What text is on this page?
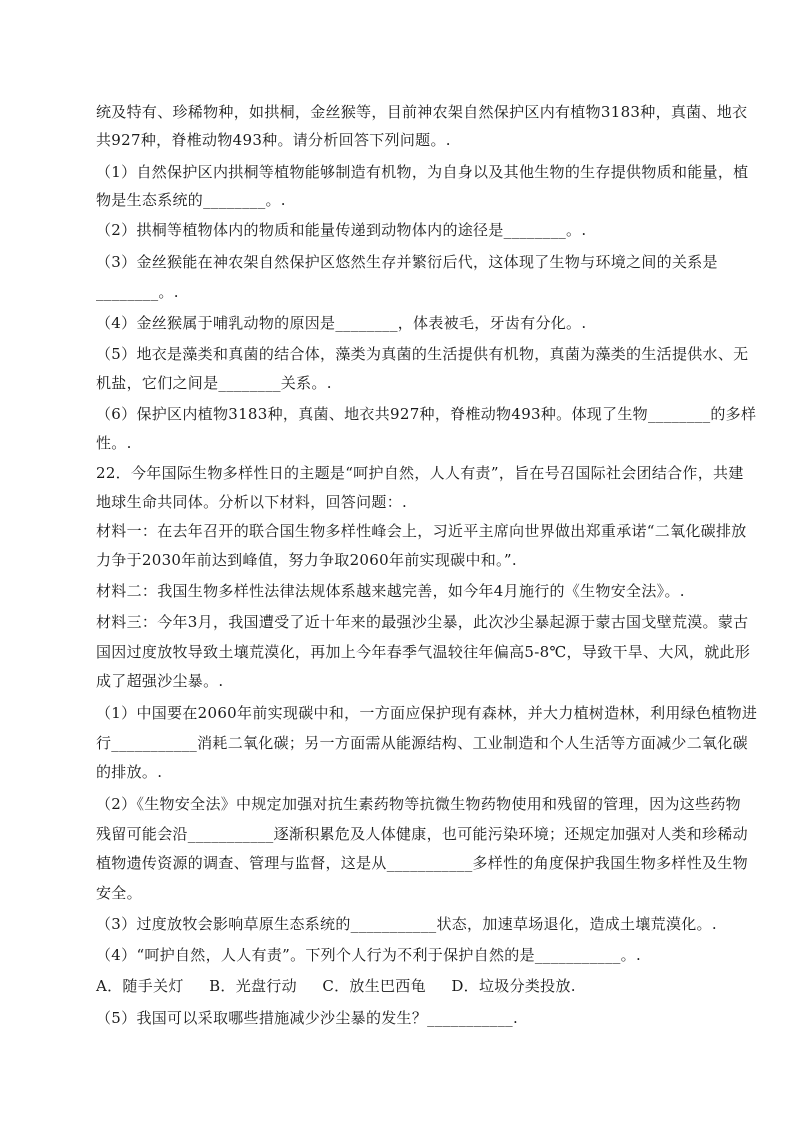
统及特有、珍稀物种，如拱桐，金丝猴等，目前神农架自然保护区内有植物3183种，真菌、地衣
共927种，脊椎动物493种。请分析回答下列问题。.
（1）自然保护区内拱桐等植物能够制造有机物，为自身以及其他生物的生存提供物质和能量，植
物是生态系统的________。.
（2）拱桐等植物体内的物质和能量传递到动物体内的途径是________。.
（3）金丝猴能在神农架自然保护区悠然生存并繁衍后代，这体现了生物与环境之间的关系是
________。.
（4）金丝猴属于哺乳动物的原因是________，体表被毛，牙齿有分化。.
（5）地衣是藻类和真菌的结合体，藻类为真菌的生活提供有机物，真菌为藻类的生活提供水、无
机盐，它们之间是________关系。.
（6）保护区内植物3183种，真菌、地衣共927种，脊椎动物493种。体现了生物________的多样
性。.
22．今年国际生物多样性日的主题是“呵护自然，人人有责”，旨在号召国际社会团结合作，共建
地球生命共同体。分析以下材料，回答问题：.
材料一：在去年召开的联合国生物多样性峰会上，习近平主席向世界做出郑重承诺“二氧化碳排放
力争于2030年前达到峰值，努力争取2060年前实现碳中和。”.
材料二：我国生物多样性法律法规体系越来越完善，如今年4月施行的《生物安全法》。.
材料三：今年3月，我国遭受了近十年来的最强沙尘暴，此次沙尘暴起源于蒙古国戈壁荒漠。蒙古
国因过度放牧导致土壤荒漠化，再加上今年春季气温较往年偏高5-8℃，导致干旱、大风，就此形
成了超强沙尘暴。.
（1）中国要在2060年前实现碳中和，一方面应保护现有森林，并大力植树造林，利用绿色植物进
行___________消耗二氧化碳；另一方面需从能源结构、工业制造和个人生活等方面减少二氧化碳
的排放。.
（2）《生物安全法》中规定加强对抗生素药物等抗微生物药物使用和残留的管理，因为这些药物
残留可能会沿___________逐渐积累危及人体健康，也可能污染环境；还规定加强对人类和珍稀动
植物遗传资源的调查、管理与监督，这是从___________多样性的角度保护我国生物多样性及生物
安全。
（3）过度放牧会影响草原生态系统的___________状态，加速草场退化，造成土壤荒漠化。.
（4）“呵护自然，人人有责”。下列个人行为不利于保护自然的是___________。.
A．随手关灯　  B．光盘行动　  C．放生巴西龟　  D．垃圾分类投放.
（5）我国可以采取哪些措施减少沙尘暴的发生？___________.
